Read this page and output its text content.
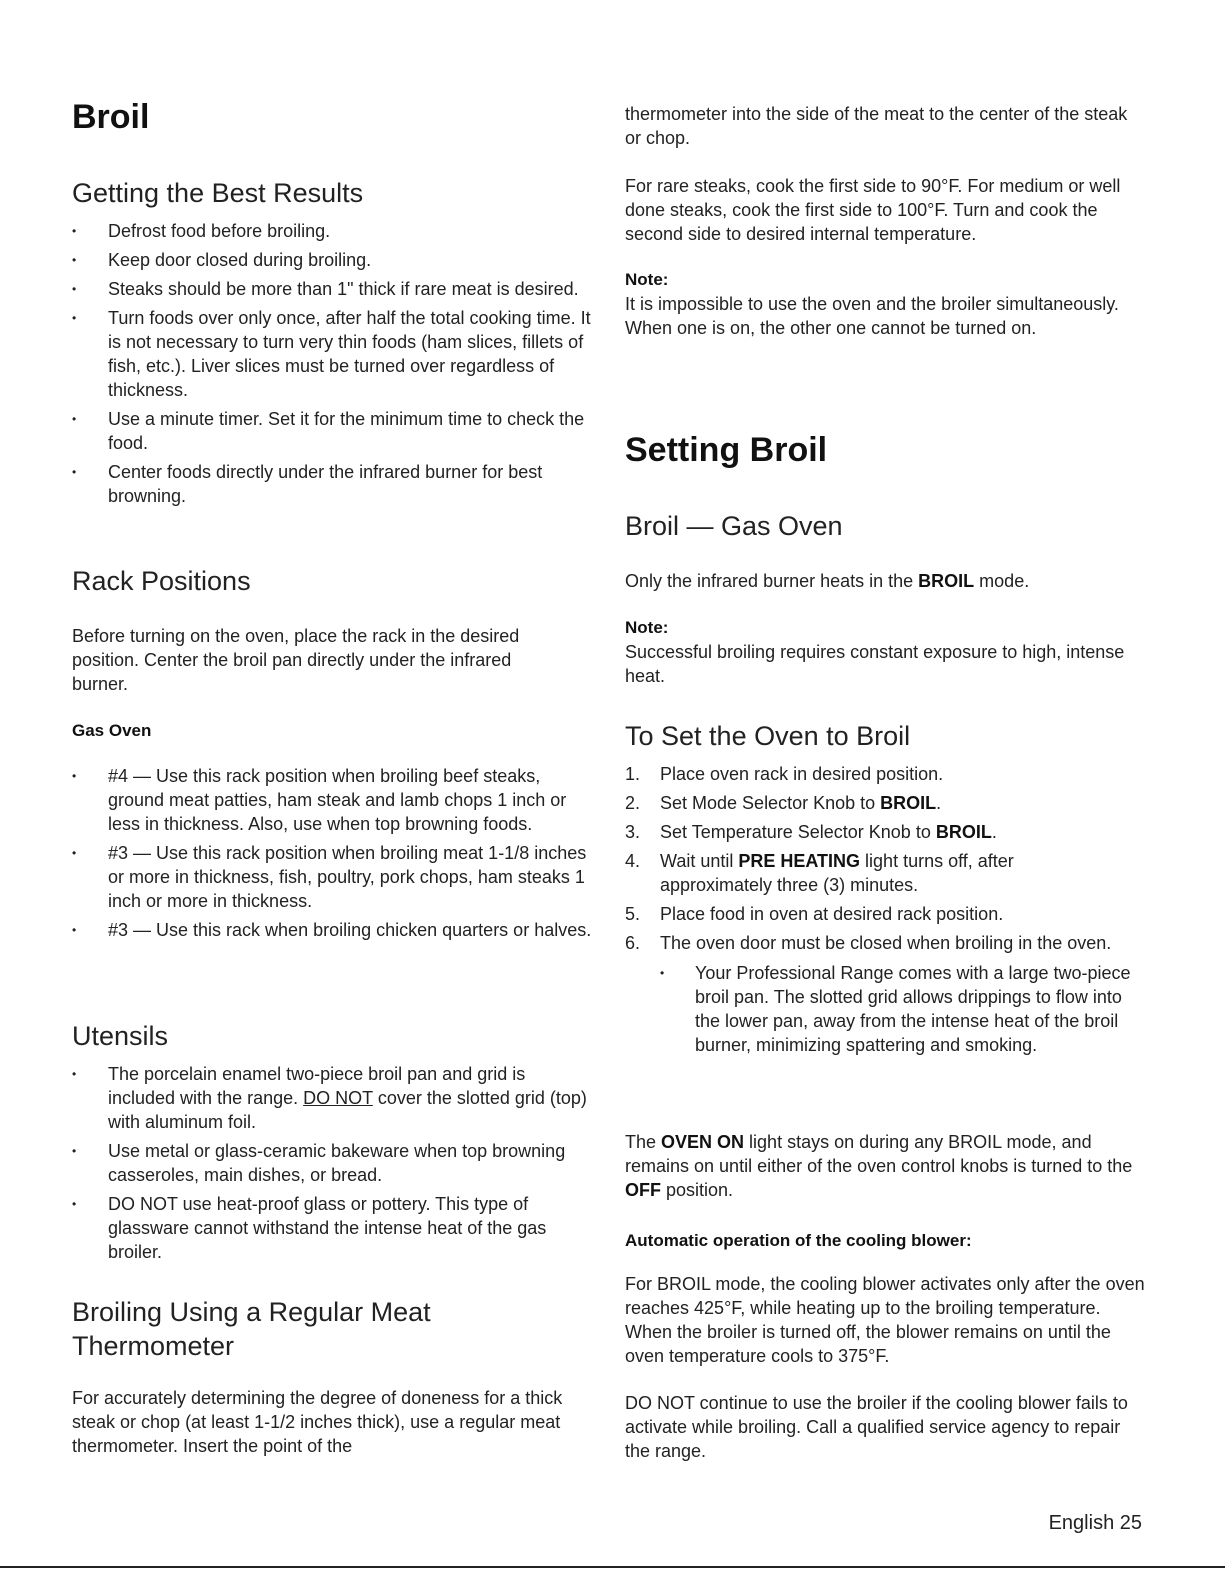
Broil
Getting the Best Results
• Defrost food before broiling.
• Keep door closed during broiling.
• Steaks should be more than 1" thick if rare meat is desired.
• Turn foods over only once, after half the total cooking time. It is not necessary to turn very thin foods (ham slices, fillets of fish, etc.). Liver slices must be turned over regardless of thickness.
• Use a minute timer. Set it for the minimum time to check the food.
• Center foods directly under the infrared burner for best browning.
Rack Positions

Before turning on the oven, place the rack in the desired position. Center the broil pan directly under the infrared burner.

Gas Oven
• #4 — Use this rack position when broiling beef steaks, ground meat patties, ham steak and lamb chops 1 inch or less in thickness. Also, use when top browning foods.
• #3 — Use this rack position when broiling meat 1-1/8 inches or more in thickness, fish, poultry, pork chops, ham steaks 1 inch or more in thickness.
• #3 — Use this rack when broiling chicken quarters or halves.
Utensils
• The porcelain enamel two-piece broil pan and grid is included with the range. DO NOT cover the slotted grid (top) with aluminum foil.
• Use metal or glass-ceramic bakeware when top browning casseroles, main dishes, or bread.
• DO NOT use heat-proof glass or pottery. This type of glassware cannot withstand the intense heat of the gas broiler.
Broiling Using a Regular Meat
Thermometer

For accurately determining the degree of doneness for a thick steak or chop (at least 1-1/2 inches thick), use a regular meat thermometer. Insert the point of the

thermometer into the side of the meat to the center of the steak or chop.

For rare steaks, cook the first side to 90°F. For medium or well done steaks, cook the first side to 100°F. Turn and cook the second side to desired internal temperature.

Note:

It is impossible to use the oven and the broiler simultaneously. When one is on, the other one cannot be turned on.

Setting Broil
Broil — Gas Oven

Only the infrared burner heats in the BROIL mode.

Note:

Successful broiling requires constant exposure to high, intense heat.

To Set the Oven to Broil
1. Place oven rack in desired position.
2. Set Mode Selector Knob to BROIL.
3. Set Temperature Selector Knob to BROIL.
4. Wait until PRE HEATING light turns off, after approximately three (3) minutes.
5. Place food in oven at desired rack position.
6. The oven door must be closed when broiling in the oven.
• Your Professional Range comes with a large two-piece broil pan. The slotted grid allows drippings to flow into the lower pan, away from the intense heat of the broil burner, minimizing spattering and smoking.

The OVEN ON light stays on during any BROIL mode, and remains on until either of the oven control knobs is turned to the OFF position.

Automatic operation of the cooling blower:

For BROIL mode, the cooling blower activates only after the oven reaches 425°F, while heating up to the broiling temperature. When the broiler is turned off, the blower remains on until the oven temperature cools to 375°F.

DO NOT continue to use the broiler if the cooling blower fails to activate while broiling. Call a qualified service agency to repair the range.

English 25
